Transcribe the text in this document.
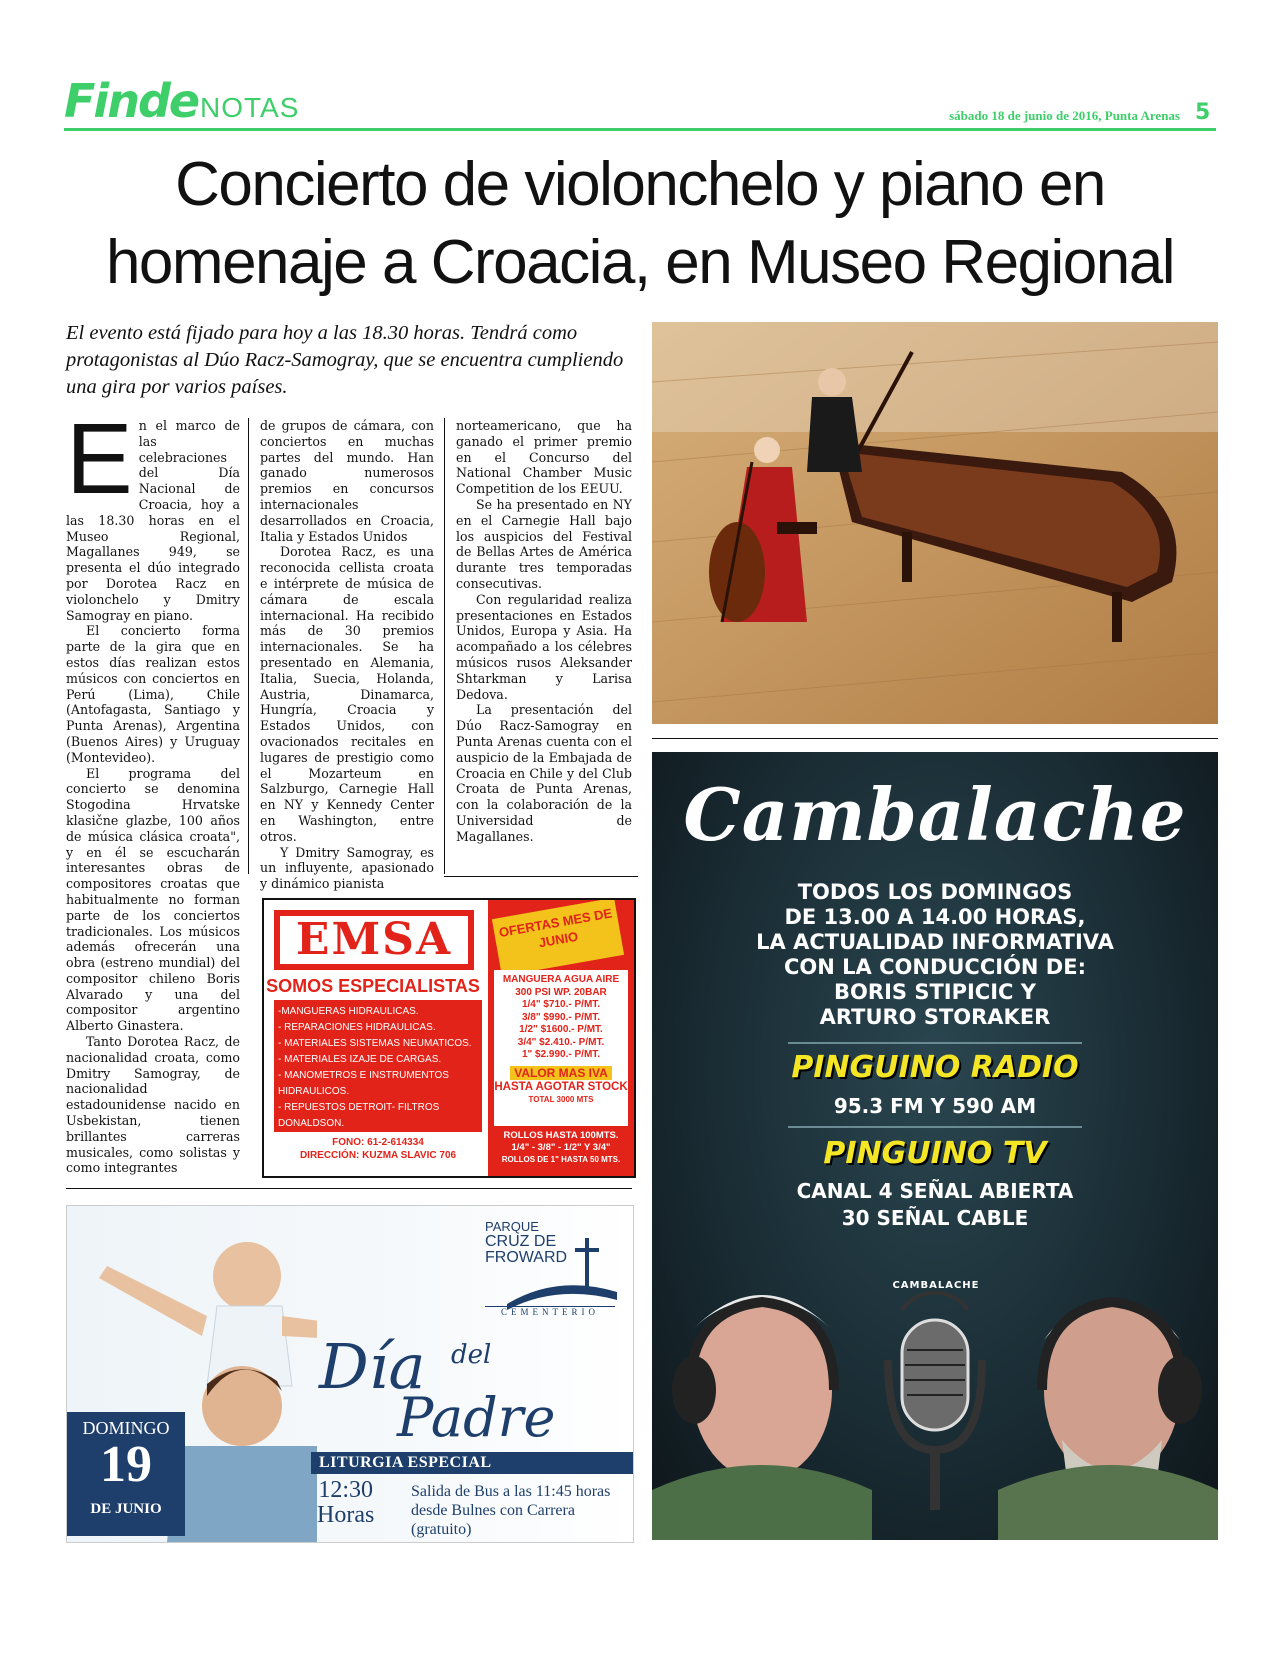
Finde NOTAS	sábado 18 de junio de 2016, Punta Arenas 5
Concierto de violonchelo y piano en homenaje a Croacia, en Museo Regional
El evento está fijado para hoy a las 18.30 horas. Tendrá como protagonistas al Dúo Racz-Samogray, que se encuentra cumpliendo una gira por varios países.
E n el marco de las celebraciones del Día Nacional de Croacia, hoy a las 18.30 horas en el Museo Regional, Magallanes 949, se presenta el dúo integrado por Dorotea Racz en violonchelo y Dmitry Samogray en piano.

El concierto forma parte de la gira que en estos días realizan estos músicos con conciertos en Perú (Lima), Chile (Antofagasta, Santiago y Punta Arenas), Argentina (Buenos Aires) y Uruguay (Montevideo).

El programa del concierto se denomina Stogodina Hrvatske klasične glazbe, 100 años de música clásica croata", y en él se escucharán interesantes obras de compositores croatas que habitualmente no forman parte de los conciertos tradicionales. Los músicos además ofrecerán una obra (estreno mundial) del compositor chileno Boris Alvarado y una del compositor argentino Alberto Ginastera.

Tanto Dorotea Racz, de nacionalidad croata, como Dmitry Samogray, de nacionalidad estadounidense nacido en Usbekistan, tienen brillantes carreras musicales, como solistas y como integrantes

de grupos de cámara, con conciertos en muchas partes del mundo. Han ganado numerosos premios en concursos internacionales desarrollados en Croacia, Italia y Estados Unidos

Dorotea Racz, es una reconocida cellista croata e intérprete de música de cámara de escala internacional. Ha recibido más de 30 premios internacionales. Se ha presentado en Alemania, Italia, Suecia, Holanda, Austria, Dinamarca, Hungría, Croacia y Estados Unidos, con ovacionados recitales en lugares de prestigio como el Mozarteum en Salzburgo, Carnegie Hall en NY y Kennedy Center en Washington, entre otros.

Y Dmitry Samogray, es un influyente, apasionado y dinámico pianista

norteamericano, que ha ganado el primer premio en el Concurso del National Chamber Music Competition de los EEUU.

Se ha presentado en NY en el Carnegie Hall bajo los auspicios del Festival de Bellas Artes de América durante tres temporadas consecutivas.

Con regularidad realiza presentaciones en Estados Unidos, Europa y Asia. Ha acompañado a los célebres músicos rusos Aleksander Shtarkman y Larisa Dedova.

La presentación del Dúo Racz-Samogray en Punta Arenas cuenta con el auspicio de la Embajada de Croacia en Chile y del Club Croata de Punta Arenas, con la colaboración de la Universidad de Magallanes.

EMSA
SOMOS ESPECIALISTAS
-MANGUERAS HIDRAULICAS.
- REPARACIONES HIDRAULICAS.
- MATERIALES SISTEMAS NEUMATICOS.
- MATERIALES IZAJE DE CARGAS.
- MANOMETROS E INSTRUMENTOS HIDRAULICOS.
- REPUESTOS DETROIT- FILTROS DONALDSON.
FONO: 61-2-614334
DIRECCIÓN: KUZMA SLAVIC 706
OFERTAS MES DE JUNIO
MANGUERA AGUA AIRE
300 PSI WP. 20BAR
1/4" $710.- P/MT.
3/8" $990.- P/MT.
1/2" $1600.- P/MT.
3/4" $2.410.- P/MT.
1" $2.990.- P/MT.
VALOR MAS IVA
HASTA AGOTAR STOCK
TOTAL 3000 MTS
ROLLOS HASTA 100MTS.
1/4" - 3/8" - 1/2" Y 3/4"
ROLLOS DE 1" HASTA 50 MTS.
PARQUE
CRUZ DE
FROWARD
CEMENTERIO
Día del
Padre
LITURGIA ESPECIAL
12:30
Horas
Salida de Bus a las 11:45 horas desde Bulnes con Carrera (gratuito)
DOMINGO
19
DE JUNIO
Cambalache
TODOS LOS DOMINGOS
DE 13.00 A 14.00 HORAS,
LA ACTUALIDAD INFORMATIVA
CON LA CONDUCCIÓN DE:
BORIS STIPICIC Y
ARTURO STORAKER
PINGUINO RADIO
95.3 FM Y 590 AM
PINGUINO TV
CANAL 4 SEÑAL ABIERTA
30 SEÑAL CABLE
CAMBALACHE
